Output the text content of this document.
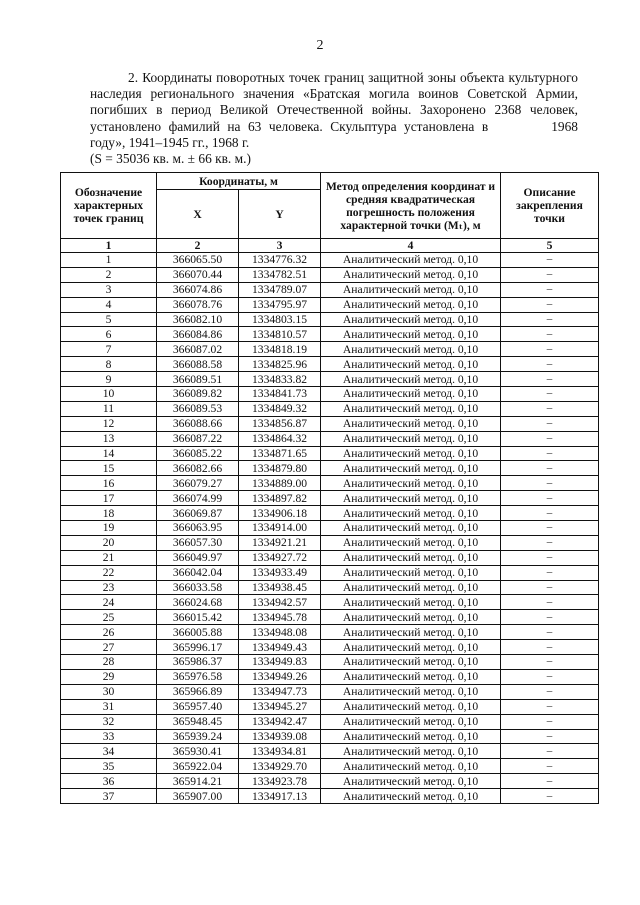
2

2. Координаты поворотных точек границ защитной зоны объекта культурного наследия регионального значения «Братская могила воинов Советской Армии, погибших в период Великой Отечественной войны. Захоронено 2368 человек, установлено фамилий на 63 человека. Скульптура установлена в	1968 году», 1941–1945 гг., 1968 г.

(S = 35036 кв. м. ± 66 кв. м.)

Обозначение характерных точек границ	Координаты, м		Метод определения координат и средняя квадратическая погрешность положения характерной точки (Mₜ), м	Описание закрепления точки
	X	Y		
1	2	3	4	5
1	366065.50	1334776.32	Аналитический метод. 0,10	–
2	366070.44	1334782.51	Аналитический метод. 0,10	–
3	366074.86	1334789.07	Аналитический метод. 0,10	–
4	366078.76	1334795.97	Аналитический метод. 0,10	–
5	366082.10	1334803.15	Аналитический метод. 0,10	–
6	366084.86	1334810.57	Аналитический метод. 0,10	–
7	366087.02	1334818.19	Аналитический метод. 0,10	–
8	366088.58	1334825.96	Аналитический метод. 0,10	–
9	366089.51	1334833.82	Аналитический метод. 0,10	–
10	366089.82	1334841.73	Аналитический метод. 0,10	–
11	366089.53	1334849.32	Аналитический метод. 0,10	–
12	366088.66	1334856.87	Аналитический метод. 0,10	–
13	366087.22	1334864.32	Аналитический метод. 0,10	–
14	366085.22	1334871.65	Аналитический метод. 0,10	–
15	366082.66	1334879.80	Аналитический метод. 0,10	–
16	366079.27	1334889.00	Аналитический метод. 0,10	–
17	366074.99	1334897.82	Аналитический метод. 0,10	–
18	366069.87	1334906.18	Аналитический метод. 0,10	–
19	366063.95	1334914.00	Аналитический метод. 0,10	–
20	366057.30	1334921.21	Аналитический метод. 0,10	–
21	366049.97	1334927.72	Аналитический метод. 0,10	–
22	366042.04	1334933.49	Аналитический метод. 0,10	–
23	366033.58	1334938.45	Аналитический метод. 0,10	–
24	366024.68	1334942.57	Аналитический метод. 0,10	–
25	366015.42	1334945.78	Аналитический метод. 0,10	–
26	366005.88	1334948.08	Аналитический метод. 0,10	–
27	365996.17	1334949.43	Аналитический метод. 0,10	–
28	365986.37	1334949.83	Аналитический метод. 0,10	–
29	365976.58	1334949.26	Аналитический метод. 0,10	–
30	365966.89	1334947.73	Аналитический метод. 0,10	–
31	365957.40	1334945.27	Аналитический метод. 0,10	–
32	365948.45	1334942.47	Аналитический метод. 0,10	–
33	365939.24	1334939.08	Аналитический метод. 0,10	–
34	365930.41	1334934.81	Аналитический метод. 0,10	–
35	365922.04	1334929.70	Аналитический метод. 0,10	–
36	365914.21	1334923.78	Аналитический метод. 0,10	–
37	365907.00	1334917.13	Аналитический метод. 0,10	–
